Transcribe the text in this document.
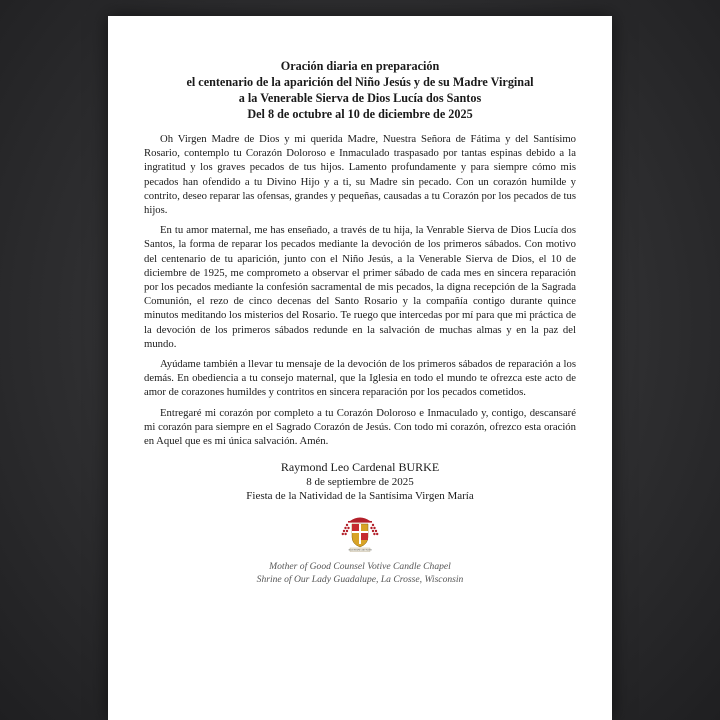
Oración diaria en preparación
el centenario de la aparición del Niño Jesús y de su Madre Virginal
a la Venerable Sierva de Dios Lucía dos Santos
Del 8 de octubre al 10 de diciembre de 2025

Oh Virgen Madre de Dios y mi querida Madre, Nuestra Señora de Fátima y del Santísimo Rosario, contemplo tu Corazón Doloroso e Inmaculado traspasado por tantas espinas debido a la ingratitud y los graves pecados de tus hijos. Lamento profundamente y para siempre cómo mis pecados han ofendido a tu Divino Hijo y a ti, su Madre sin pecado. Con un corazón humilde y contrito, deseo reparar las ofensas, grandes y pequeñas, causadas a tu Corazón por los pecados de tus hijos.

En tu amor maternal, me has enseñado, a través de tu hija, la Venrable Sierva de Dios Lucía dos Santos, la forma de reparar los pecados mediante la devoción de los primeros sábados. Con motivo del centenario de tu aparición, junto con el Niño Jesús, a la Venerable Sierva de Dios, el 10 de diciembre de 1925, me comprometo a observar el primer sábado de cada mes en sincera reparación por los pecados mediante la confesión sacramental de mis pecados, la digna recepción de la Sagrada Comunión, el rezo de cinco decenas del Santo Rosario y la compañía contigo durante quince minutos meditando los misterios del Rosario. Te ruego que intercedas por mí para que mi práctica de la devoción de los primeros sábados redunde en la salvación de muchas almas y en la paz del mundo.

Ayúdame también a llevar tu mensaje de la devoción de los primeros sábados de reparación a los demás. En obediencia a tu consejo maternal, que la Iglesia en todo el mundo te ofrezca este acto de amor de corazones humildes y contritos en sincera reparación por los pecados cometidos.

Entregaré mi corazón por completo a tu Corazón Doloroso e Inmaculado y, contigo, descansaré mi corazón para siempre en el Sagrado Corazón de Jesús. Con todo mi corazón, ofrezco esta oración en Aquel que es mi única salvación. Amén.

Raymond Leo Cardenal BURKE
8 de septiembre de 2025
Fiesta de la Natividad de la Santísima Virgen María
SECUNDUM COR TUUM
Mother of Good Counsel Votive Candle Chapel
Shrine of Our Lady Guadalupe, La Crosse, Wisconsin
